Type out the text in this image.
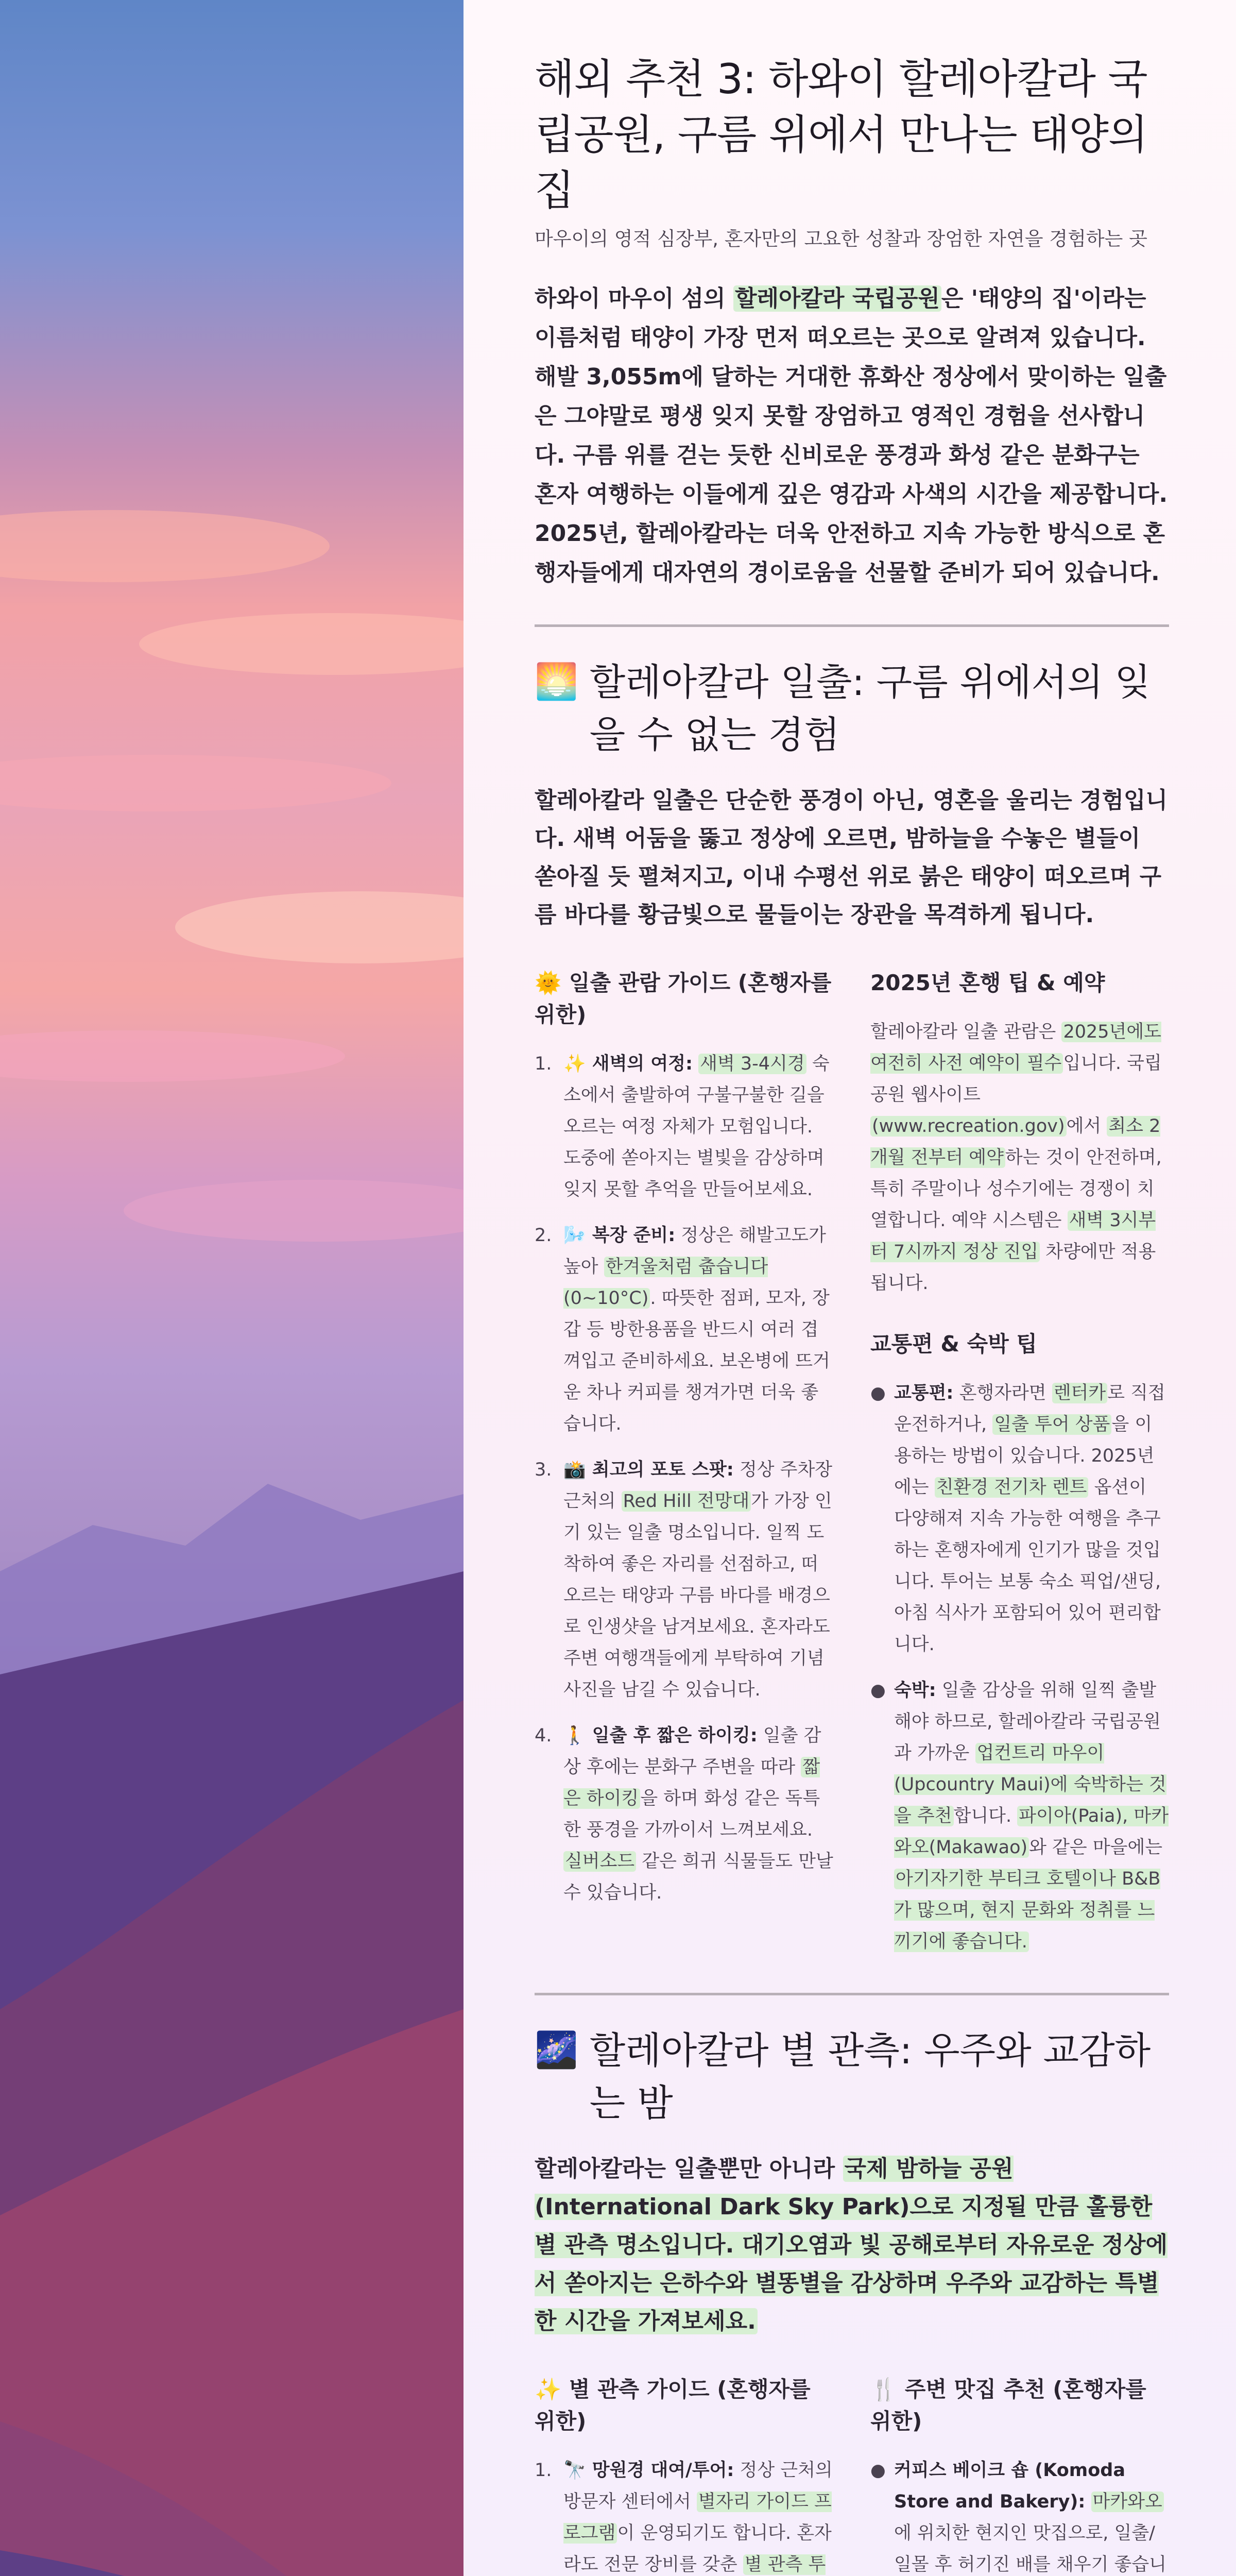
해외 추천 3: 하와이 할레아칼라 국립공원, 구름 위에서 만나는 태양의 집

마우이의 영적 심장부, 혼자만의 고요한 성찰과 장엄한 자연을 경험하는 곳

하와이 마우이 섬의 할레아칼라 국립공원은 '태양의 집'이라는 이름처럼 태양이 가장 먼저 떠오르는 곳으로 알려져 있습니다. 해발 3,055m에 달하는 거대한 휴화산 정상에서 맞이하는 일출은 그야말로 평생 잊지 못할 장엄하고 영적인 경험을 선사합니다. 구름 위를 걷는 듯한 신비로운 풍경과 화성 같은 분화구는 혼자 여행하는 이들에게 깊은 영감과 사색의 시간을 제공합니다. 2025년, 할레아칼라는 더욱 안전하고 지속 가능한 방식으로 혼행자들에게 대자연의 경이로움을 선물할 준비가 되어 있습니다.

🌅 할레아칼라 일출: 구름 위에서의 잊을 수 없는 경험

할레아칼라 일출은 단순한 풍경이 아닌, 영혼을 울리는 경험입니다. 새벽 어둠을 뚫고 정상에 오르면, 밤하늘을 수놓은 별들이 쏟아질 듯 펼쳐지고, 이내 수평선 위로 붉은 태양이 떠오르며 구름 바다를 황금빛으로 물들이는 장관을 목격하게 됩니다.

🌞 일출 관람 가이드 (혼행자를 위한)
1. ✨ 새벽의 여정: 새벽 3-4시경 숙소에서 출발하여 구불구불한 길을 오르는 여정 자체가 모험입니다. 도중에 쏟아지는 별빛을 감상하며 잊지 못할 추억을 만들어보세요.
2. 🌬️ 복장 준비: 정상은 해발고도가 높아 한겨울처럼 춥습니다 (0~10°C). 따뜻한 점퍼, 모자, 장갑 등 방한용품을 반드시 여러 겹 껴입고 준비하세요. 보온병에 뜨거운 차나 커피를 챙겨가면 더욱 좋습니다.
3. 📸 최고의 포토 스팟: 정상 주차장 근처의 Red Hill 전망대가 가장 인기 있는 일출 명소입니다. 일찍 도착하여 좋은 자리를 선점하고, 떠오르는 태양과 구름 바다를 배경으로 인생샷을 남겨보세요. 혼자라도 주변 여행객들에게 부탁하여 기념사진을 남길 수 있습니다.
4. 🚶 일출 후 짧은 하이킹: 일출 감상 후에는 분화구 주변을 따라 짧은 하이킹을 하며 화성 같은 독특한 풍경을 가까이서 느껴보세요. 실버소드 같은 희귀 식물들도 만날 수 있습니다.
2025년 혼행 팁 & 예약

할레아칼라 일출 관람은 2025년에도 여전히 사전 예약이 필수입니다. 국립공원 웹사이트 (www.recreation.gov)에서 최소 2개월 전부터 예약하는 것이 안전하며, 특히 주말이나 성수기에는 경쟁이 치열합니다. 예약 시스템은 새벽 3시부터 7시까지 정상 진입 차량에만 적용됩니다.

교통편 & 숙박 팁
● 교통편: 혼행자라면 렌터카로 직접 운전하거나, 일출 투어 상품을 이용하는 방법이 있습니다. 2025년에는 친환경 전기차 렌트 옵션이 다양해져 지속 가능한 여행을 추구하는 혼행자에게 인기가 많을 것입니다. 투어는 보통 숙소 픽업/샌딩, 아침 식사가 포함되어 있어 편리합니다.
● 숙박: 일출 감상을 위해 일찍 출발해야 하므로, 할레아칼라 국립공원과 가까운 업컨트리 마우이(Upcountry Maui)에 숙박하는 것을 추천합니다. 파이아(Paia), 마카와오(Makawao)와 같은 마을에는 아기자기한 부티크 호텔이나 B&B가 많으며, 현지 문화와 정취를 느끼기에 좋습니다.
🌌 할레아칼라 별 관측: 우주와 교감하는 밤

할레아칼라는 일출뿐만 아니라 국제 밤하늘 공원(International Dark Sky Park)으로 지정될 만큼 훌륭한 별 관측 명소입니다. 대기오염과 빛 공해로부터 자유로운 정상에서 쏟아지는 은하수와 별똥별을 감상하며 우주와 교감하는 특별한 시간을 가져보세요.

✨ 별 관측 가이드 (혼행자를 위한)
1. 🔭 망원경 대여/투어: 정상 근처의 방문자 센터에서 별자리 가이드 프로그램이 운영되기도 합니다. 혼자라도 전문 장비를 갖춘 별 관측 투
🍴 주변 맛집 추천 (혼행자를 위한)
● 커피스 베이크 숍 (Komoda Store and Bakery): 마카와오에 위치한 현지인 맛집으로, 일출/일몰 후 허기진 배를 채우기 좋습니
